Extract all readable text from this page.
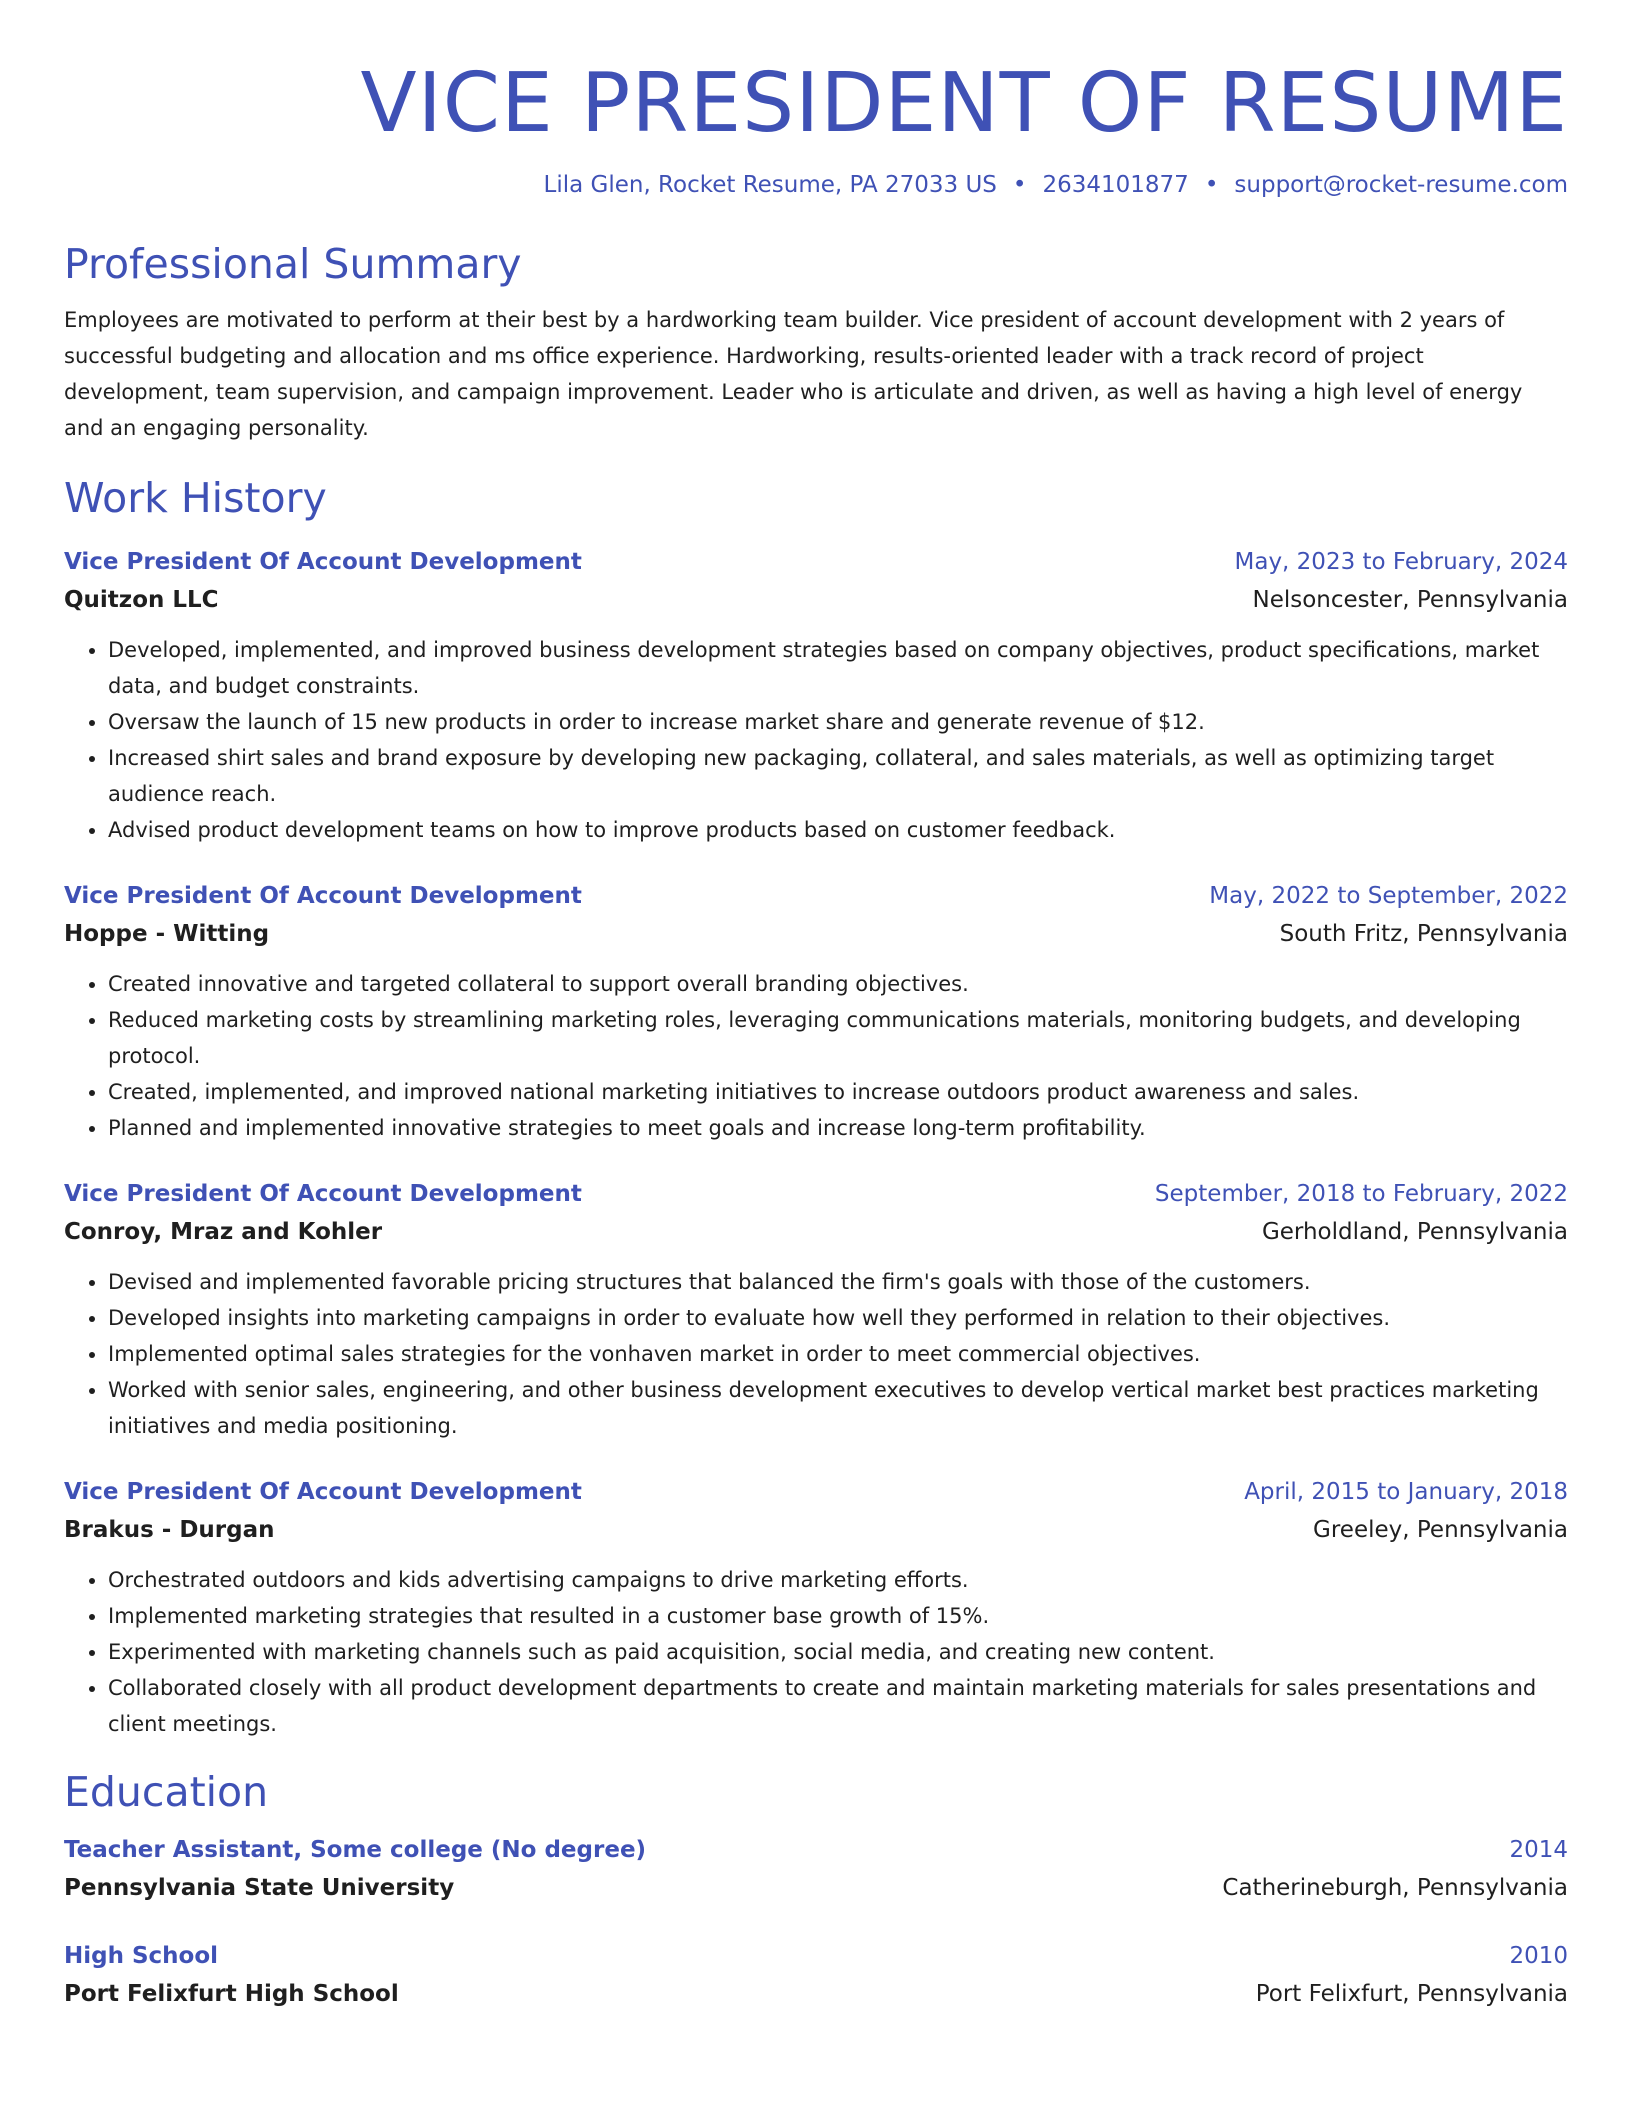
VICE PRESIDENT OF RESUME
Lila Glen, Rocket Resume, PA 27033 US • 2634101877 • support@rocket-resume.com
Professional Summary
Employees are motivated to perform at their best by a hardworking team builder. Vice president of account development with 2 years of successful budgeting and allocation and ms office experience. Hardworking, results-oriented leader with a track record of project development, team supervision, and campaign improvement. Leader who is articulate and driven, as well as having a high level of energy and an engaging personality.
Work History
Vice President Of Account Development	May, 2023 to February, 2024
Quitzon LLC	Nelsoncester, Pennsylvania
• Developed, implemented, and improved business development strategies based on company objectives, product specifications, market data, and budget constraints.
• Oversaw the launch of 15 new products in order to increase market share and generate revenue of $12.
• Increased shirt sales and brand exposure by developing new packaging, collateral, and sales materials, as well as optimizing target audience reach.
• Advised product development teams on how to improve products based on customer feedback.
Vice President Of Account Development	May, 2022 to September, 2022
Hoppe - Witting	South Fritz, Pennsylvania
• Created innovative and targeted collateral to support overall branding objectives.
• Reduced marketing costs by streamlining marketing roles, leveraging communications materials, monitoring budgets, and developing protocol.
• Created, implemented, and improved national marketing initiatives to increase outdoors product awareness and sales.
• Planned and implemented innovative strategies to meet goals and increase long-term profitability.
Vice President Of Account Development	September, 2018 to February, 2022
Conroy, Mraz and Kohler	Gerholdland, Pennsylvania
• Devised and implemented favorable pricing structures that balanced the firm's goals with those of the customers.
• Developed insights into marketing campaigns in order to evaluate how well they performed in relation to their objectives.
• Implemented optimal sales strategies for the vonhaven market in order to meet commercial objectives.
• Worked with senior sales, engineering, and other business development executives to develop vertical market best practices marketing initiatives and media positioning.
Vice President Of Account Development	April, 2015 to January, 2018
Brakus - Durgan	Greeley, Pennsylvania
• Orchestrated outdoors and kids advertising campaigns to drive marketing efforts.
• Implemented marketing strategies that resulted in a customer base growth of 15%.
• Experimented with marketing channels such as paid acquisition, social media, and creating new content.
• Collaborated closely with all product development departments to create and maintain marketing materials for sales presentations and client meetings.
Education
Teacher Assistant, Some college (No degree)	2014
Pennsylvania State University	Catherineburgh, Pennsylvania
High School	2010
Port Felixfurt High School	Port Felixfurt, Pennsylvania
